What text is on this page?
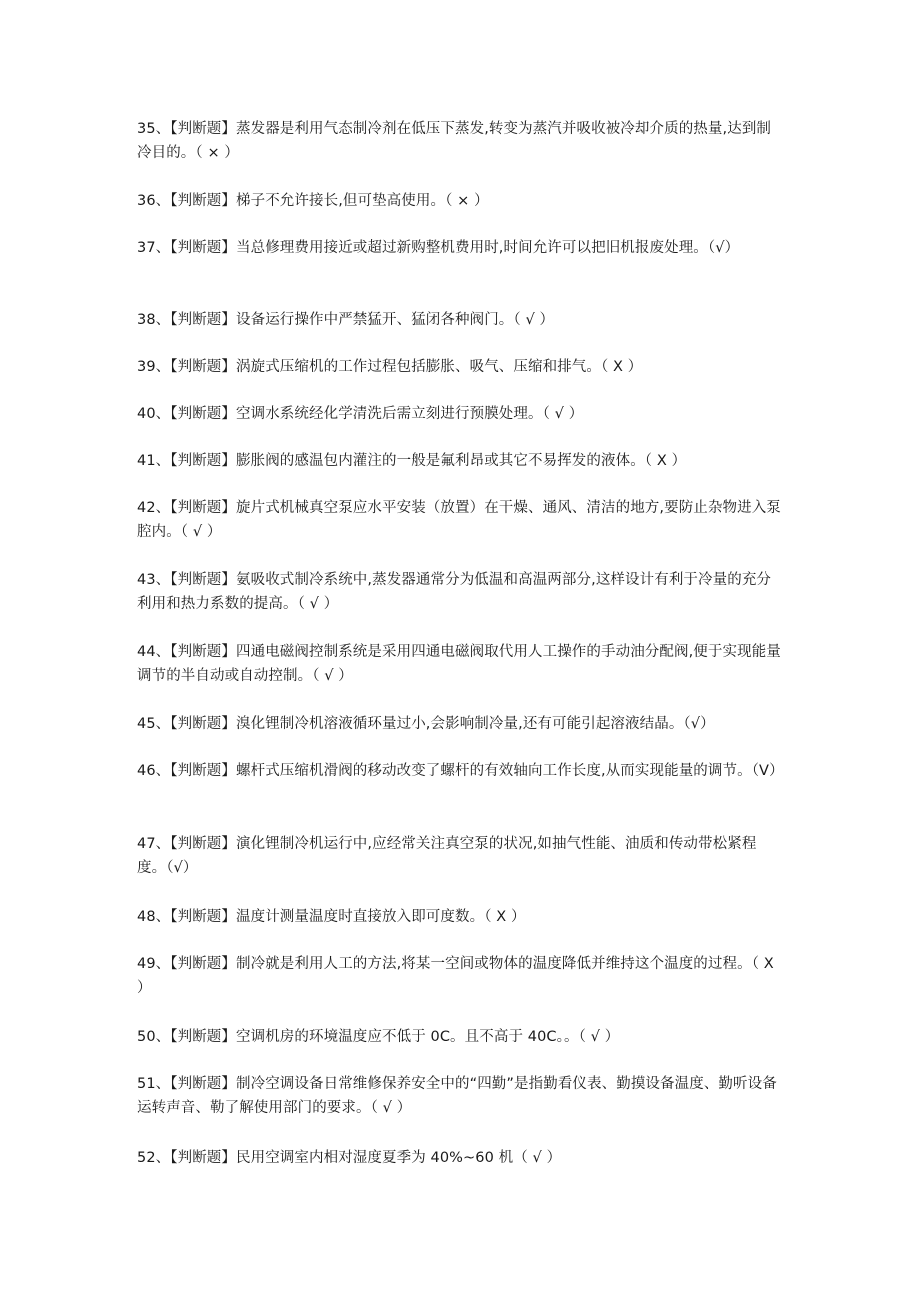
35、【判断题】蒸发器是利用气态制冷剂在低压下蒸发,转变为蒸汽并吸收被冷却介质的热量,达到制冷目的。（ × ）

36、【判断题】梯子不允许接长,但可垫高使用。（ × ）

37、【判断题】当总修理费用接近或超过新购整机费用时,时间允许可以把旧机报废处理。（√）

38、【判断题】设备运行操作中严禁猛开、猛闭各种阀门。（ √ ）

39、【判断题】涡旋式压缩机的工作过程包括膨胀、吸气、压缩和排气。（ X ）

40、【判断题】空调水系统经化学清洗后需立刻进行预膜处理。（ √ ）

41、【判断题】膨胀阀的感温包内灌注的一般是氟利昂或其它不易挥发的液体。（ X ）

42、【判断题】旋片式机械真空泵应水平安装（放置）在干燥、通风、清洁的地方,要防止杂物进入泵腔内。（ √ ）

43、【判断题】氨吸收式制冷系统中,蒸发器通常分为低温和高温两部分,这样设计有利于冷量的充分利用和热力系数的提高。（ √ ）

44、【判断题】四通电磁阀控制系统是采用四通电磁阀取代用人工操作的手动油分配阀,便于实现能量调节的半自动或自动控制。（ √ ）

45、【判断题】溴化锂制冷机溶液循环量过小,会影响制冷量,还有可能引起溶液结晶。（√）

46、【判断题】螺杆式压缩机滑阀的移动改变了螺杆的有效轴向工作长度,从而实现能量的调节。（V）

47、【判断题】演化锂制冷机运行中,应经常关注真空泵的状况,如抽气性能、油质和传动带松紧程度。（√）

48、【判断题】温度计测量温度时直接放入即可度数。（ X ）

49、【判断题】制冷就是利用人工的方法,将某一空间或物体的温度降低并维持这个温度的过程。（ X ）

50、【判断题】空调机房的环境温度应不低于 0C。且不高于 40C。。（ √ ）

51、【判断题】制冷空调设备日常维修保养安全中的“四勤”是指勤看仪表、勤摸设备温度、勤听设备运转声音、勒了解使用部门的要求。（ √ ）

52、【判断题】民用空调室内相对湿度夏季为 40%~60 机（ √ ）
